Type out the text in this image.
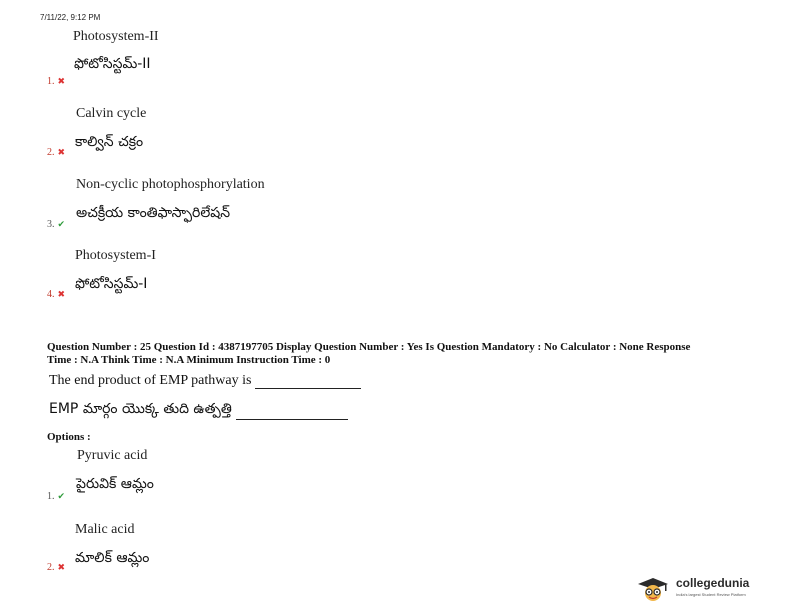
7/11/22, 9:12 PM
Photosystem-II
ఫోటోసిస్టమ్-II
1. ✖
Calvin cycle
కాల్విన్ చక్రం
2. ✖
Non-cyclic photophosphorylation
అచక్రీయ కాంతిఫాస్ఫారిలేషన్
3. ✔
Photosystem-I
ఫోటోసిస్టమ్-I
4. ✖
Question Number : 25 Question Id : 4387197705 Display Question Number : Yes Is Question Mandatory : No Calculator : None Response
Time : N.A Think Time : N.A Minimum Instruction Time : 0
The end product of EMP pathway is
EMP మార్గం యొక్క తుది ఉత్పత్తి
Options :
Pyruvic acid
పైరువిక్ ఆమ్లం
1. ✔
Malic acid
మాలిక్ ఆమ్లం
2. ✖
collegedunia
India's largest Student Review Platform
